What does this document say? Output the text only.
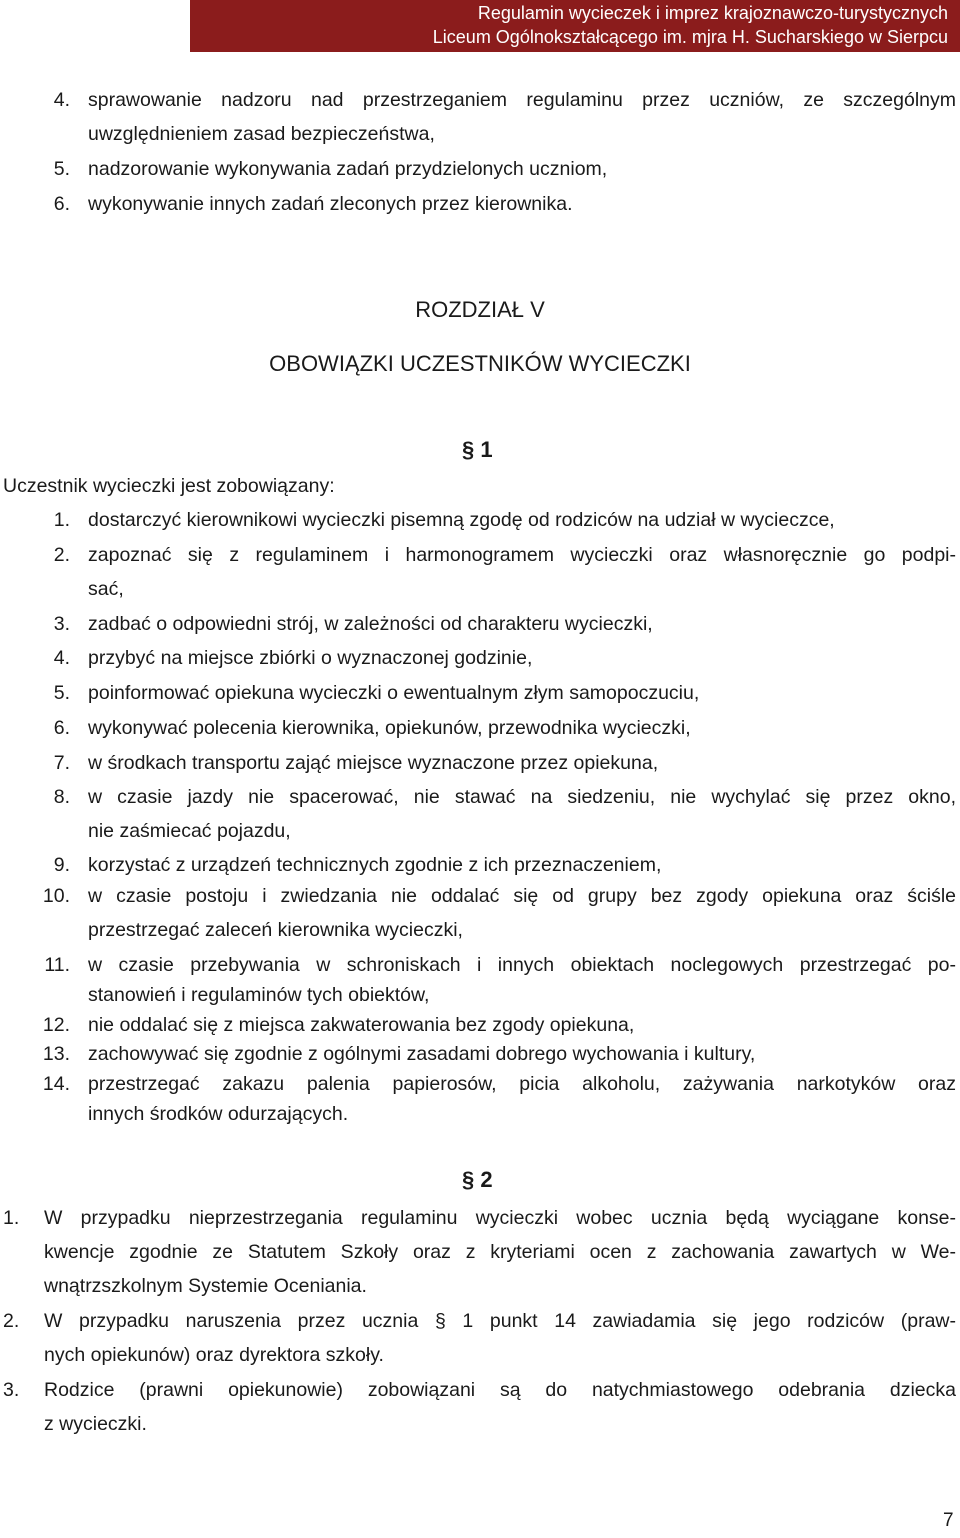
Regulamin wycieczek i imprez krajoznawczo-turystycznych
Liceum Ogólnokształcącego im. mjra H. Sucharskiego w Sierpcu
4. sprawowanie nadzoru nad przestrzeganiem regulaminu przez uczniów, ze szczególnym
uwzględnieniem zasad bezpieczeństwa,
5. nadzorowanie wykonywania zadań przydzielonych uczniom,
6. wykonywanie innych zadań zleconych przez kierownika.
ROZDZIAŁ V
OBOWIĄZKI UCZESTNIKÓW WYCIECZKI
§ 1
Uczestnik wycieczki jest zobowiązany:
1. dostarczyć kierownikowi wycieczki pisemną zgodę od rodziców na udział w wycieczce,
2. zapoznać się z regulaminem i harmonogramem wycieczki oraz własnoręcznie go podpi-
sać,
3. zadbać o odpowiedni strój, w zależności od charakteru wycieczki,
4. przybyć na miejsce zbiórki o wyznaczonej godzinie,
5. poinformować opiekuna wycieczki o ewentualnym złym samopoczuciu,
6. wykonywać polecenia kierownika, opiekunów, przewodnika wycieczki,
7. w środkach transportu zająć miejsce wyznaczone przez opiekuna,
8. w czasie jazdy nie spacerować, nie stawać na siedzeniu, nie wychylać się przez okno,
nie zaśmiecać pojazdu,
9. korzystać z urządzeń technicznych zgodnie z ich przeznaczeniem,
10. w czasie postoju i zwiedzania nie oddalać się od grupy bez zgody opiekuna oraz ściśle
przestrzegać zaleceń kierownika wycieczki,
11. w czasie przebywania w schroniskach i innych obiektach noclegowych przestrzegać po-
stanowień i regulaminów tych obiektów,
12. nie oddalać się z miejsca zakwaterowania bez zgody opiekuna,
13. zachowywać się zgodnie z ogólnymi zasadami dobrego wychowania i kultury,
14. przestrzegać zakazu palenia papierosów, picia alkoholu, zażywania narkotyków oraz
innych środków odurzających.
§ 2
1. W przypadku nieprzestrzegania regulaminu wycieczki wobec ucznia będą wyciągane konse-
kwencje zgodnie ze Statutem Szkoły oraz z kryteriami ocen z zachowania zawartych w We-
wnątrzszkolnym Systemie Oceniania.
2. W przypadku naruszenia przez ucznia § 1 punkt 14 zawiadamia się jego rodziców (praw-
nych opiekunów) oraz dyrektora szkoły.
3. Rodzice (prawni opiekunowie) zobowiązani są do natychmiastowego odebrania dziecka
z wycieczki.
7
